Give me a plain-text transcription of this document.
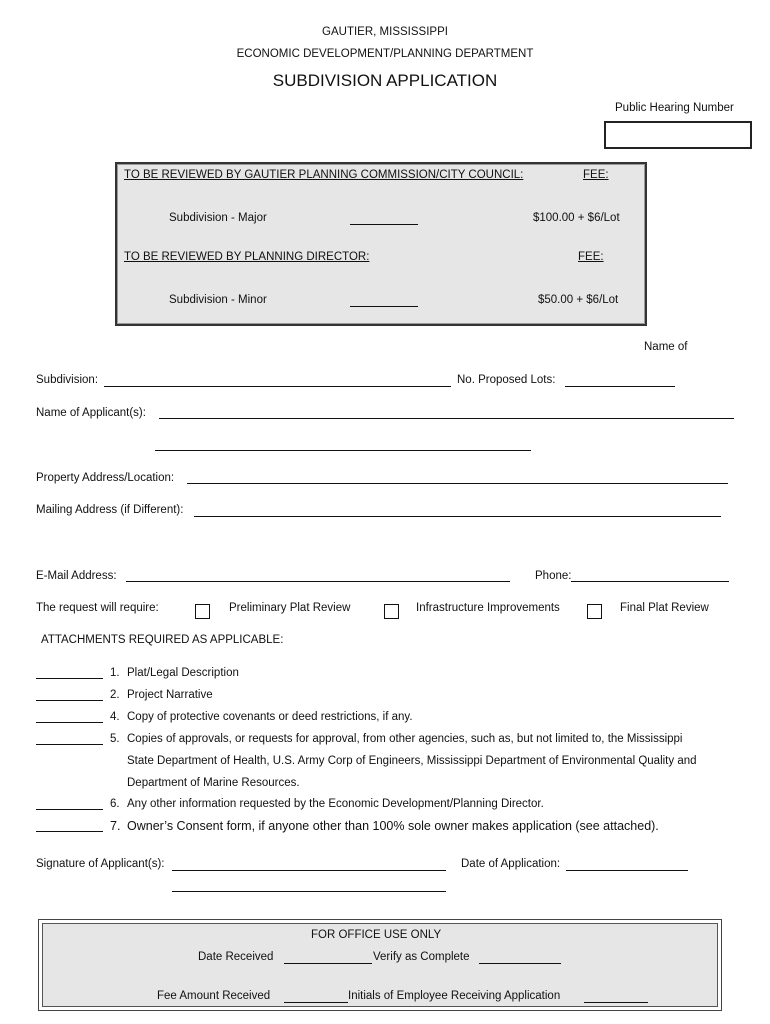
GAUTIER, MISSISSIPPI
ECONOMIC DEVELOPMENT/PLANNING DEPARTMENT
SUBDIVISION APPLICATION
Public Hearing Number
TO BE REVIEWED BY GAUTIER PLANNING COMMISSION/CITY COUNCIL:	FEE:
Subdivision - Major	$100.00 + $6/Lot
TO BE REVIEWED BY PLANNING DIRECTOR:	FEE:
Subdivision - Minor	$50.00 + $6/Lot
Name of
Subdivision:	No. Proposed Lots:
Name of Applicant(s):
Property Address/Location:
Mailing Address (if Different):
E-Mail Address:	Phone:
The request will require:	Preliminary Plat Review	Infrastructure Improvements	Final Plat Review
ATTACHMENTS REQUIRED AS APPLICABLE:
1. Plat/Legal Description
2. Project Narrative
4. Copy of protective covenants or deed restrictions, if any.
5. Copies of approvals, or requests for approval, from other agencies, such as, but not limited to, the Mississippi
State Department of Health, U.S. Army Corp of Engineers, Mississippi Department of Environmental Quality and
Department of Marine Resources.
6. Any other information requested by the Economic Development/Planning Director.
7. Owner’s Consent form, if anyone other than 100% sole owner makes application (see attached).
Signature of Applicant(s):	Date of Application:
FOR OFFICE USE ONLY
Date Received	Verify as Complete
Fee Amount Received	Initials of Employee Receiving Application
